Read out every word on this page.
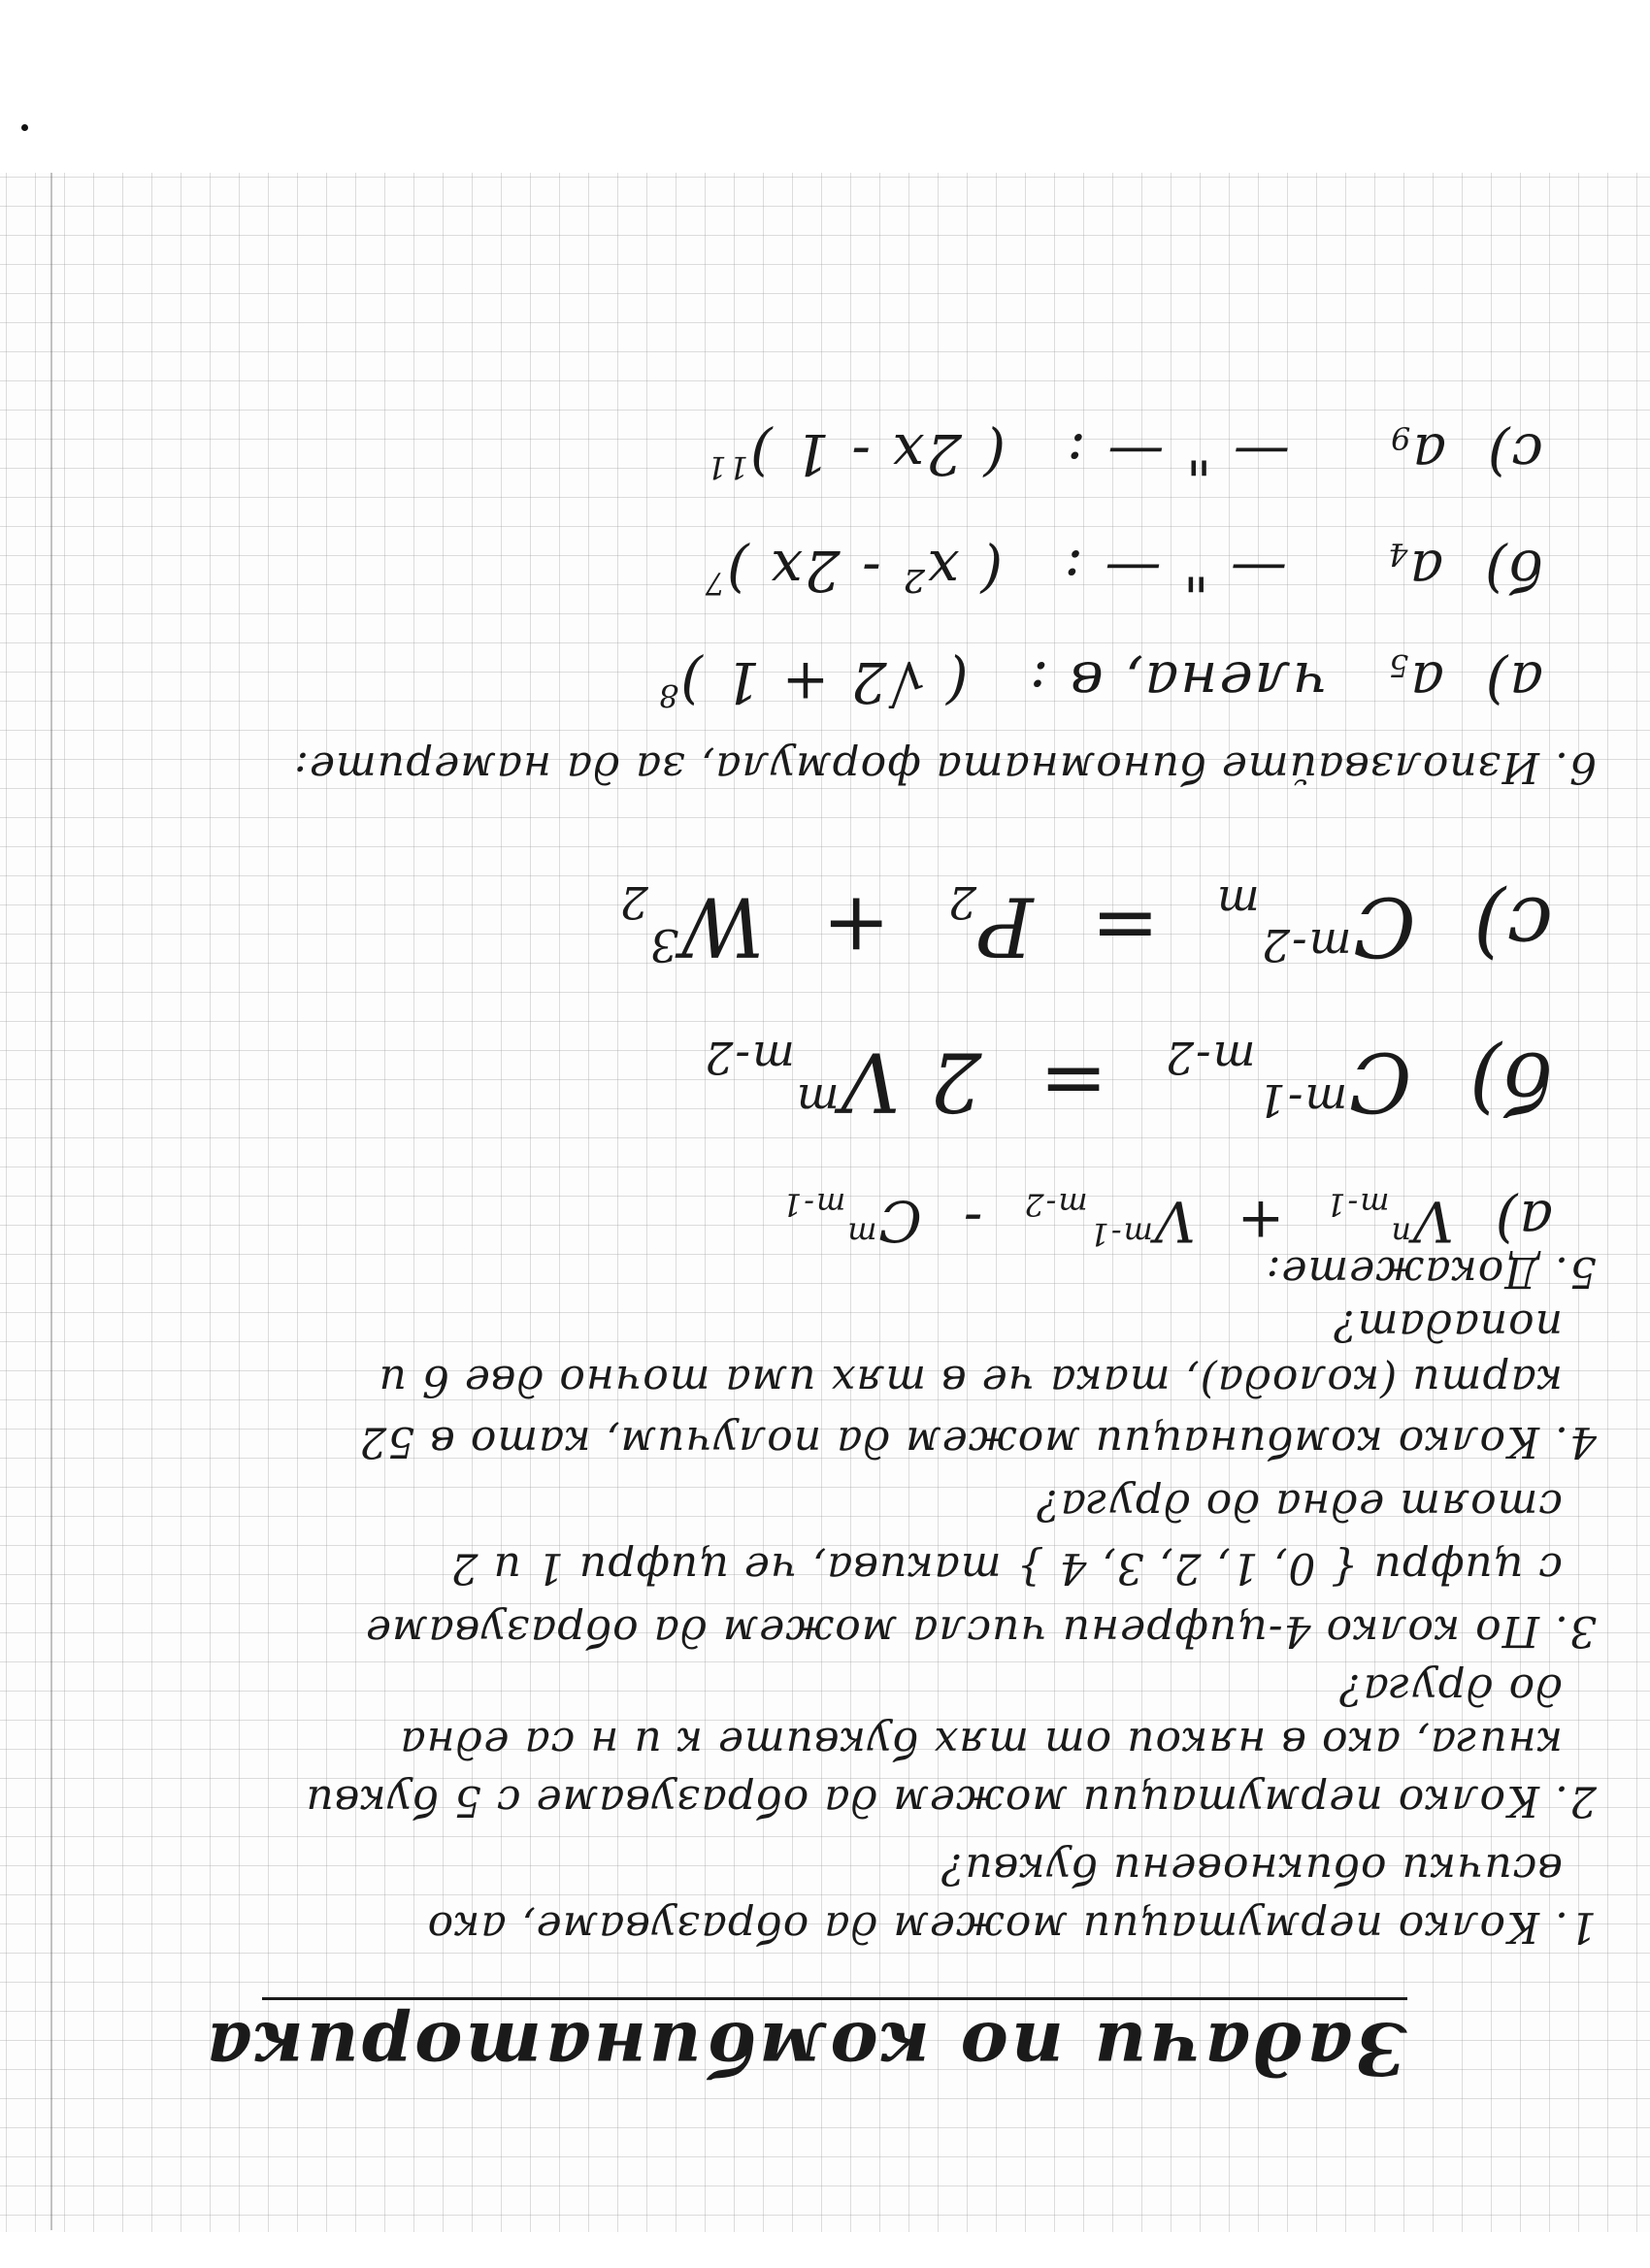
Задачи по комбинаторика
1. Колко пермутации можем да образуваме, ако
всички обикновени букви?
2. Колко пермутации можем да образуваме с 5 букви
книга, ако в някои от тях буквите к и н са една
до друга?
3. По колко 4-цифрени числа можем да образуваме
с цифри { 0, 1, 2, 3, 4 } такива, че цифри 1 и 2
стоят една до друга?
4. Колко комбинации можем да получим, като в 52
карти (колода), така че в тях има точно две 6 и
попадат?
5. Докажете:
a)  $V^n_{m-1} + V^{m-1}_{m-2} - C^m_{m-1}$
б)  $C^{m-1}_{m-2} = 2$ $V^m_{m-2}$
c)  $C^{m-2}_m = P_2 + W^3_2$
6. Използвайте биномната формула, за да намерите:
a)  $a_5$   члена, в :   ( √2 + 1 )$^8$
б)  $a_4$     — " — :   ( x² - 2x )$^7$
c)  $a_9$     — " — :   ( 2x - 1 )$^{11}$
